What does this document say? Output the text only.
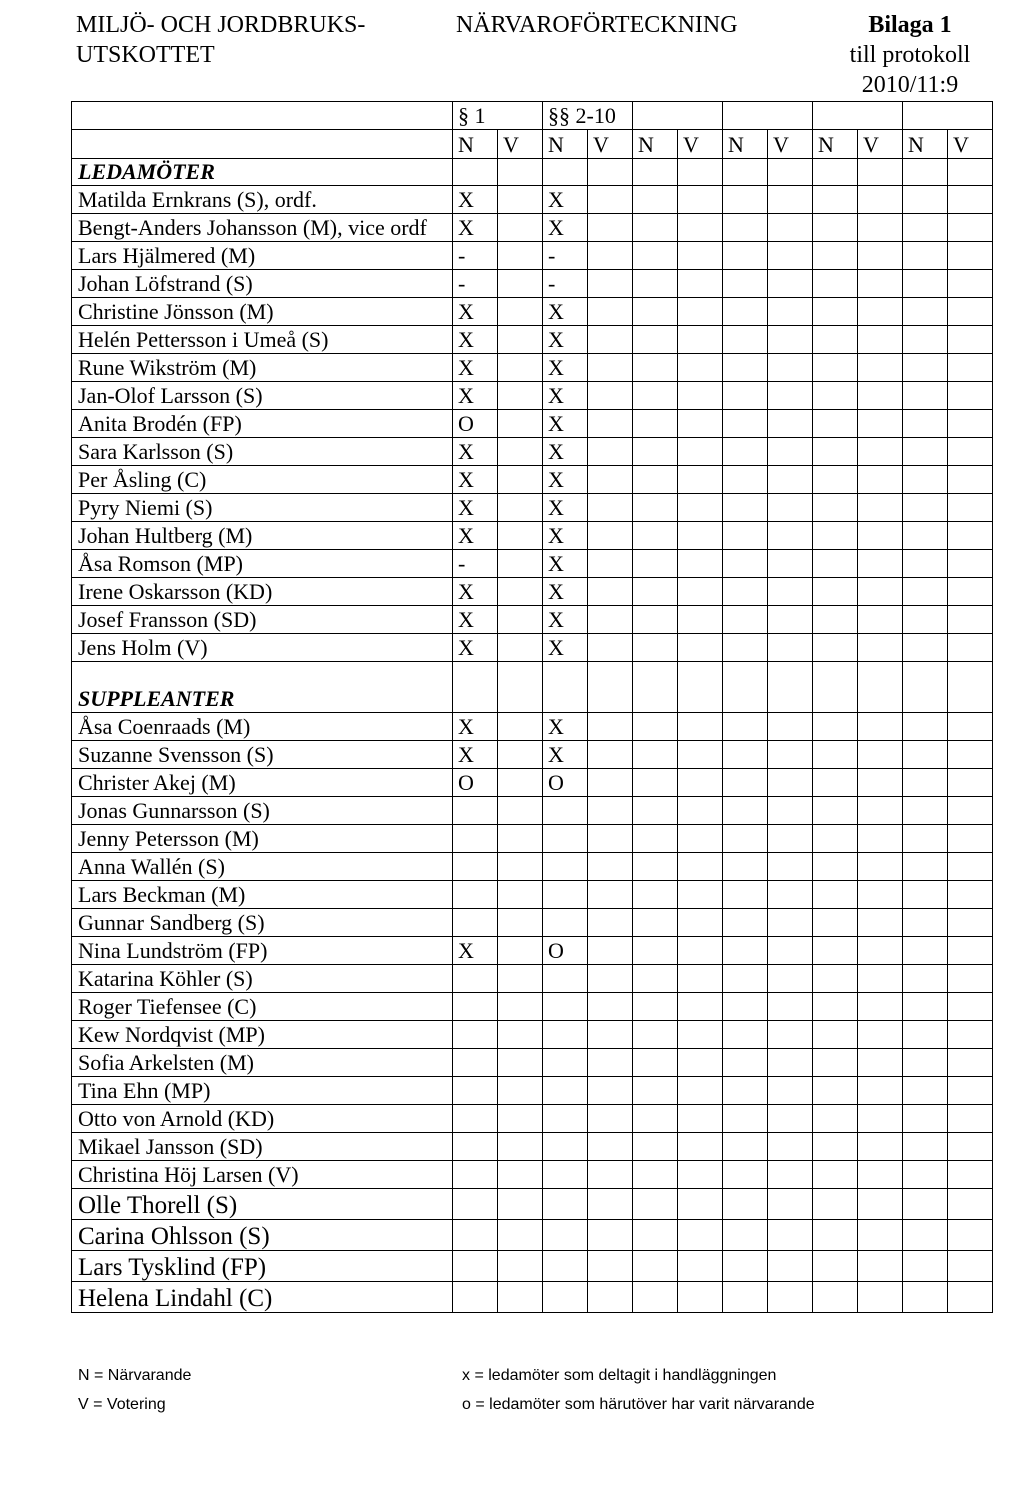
MILJÖ- OCH JORDBRUKS-
UTSKOTTET
NÄRVAROFÖRTECKNING	Bilaga 1
till protokoll
2010/11:9
	§ 1		§§ 2-10									
	N	V	N	V	N	V	N	V	N	V	N	V
LEDAMÖTER												
Matilda Ernkrans (S), ordf.	X		X									
Bengt-Anders Johansson (M), vice ordf	X		X									
Lars Hjälmered (M)	-		-									
Johan Löfstrand (S)	-		-									
Christine Jönsson (M)	X		X									
Helén Pettersson i Umeå (S)	X		X									
Rune Wikström (M)	X		X									
Jan-Olof Larsson (S)	X		X									
Anita Brodén (FP)	O		X									
Sara Karlsson (S)	X		X									
Per Åsling (C)	X		X									
Pyry Niemi (S)	X		X									
Johan Hultberg (M)	X		X									
Åsa Romson (MP)	-		X									
Irene Oskarsson (KD)	X		X									
Josef Fransson (SD)	X		X									
Jens Holm (V)	X		X									
SUPPLEANTER												
Åsa Coenraads (M)	X		X									
Suzanne Svensson (S)	X		X									
Christer Akej (M)	O		O									
Jonas Gunnarsson (S)												
Jenny Petersson (M)												
Anna Wallén (S)												
Lars Beckman (M)												
Gunnar Sandberg (S)												
Nina Lundström (FP)	X		O									
Katarina Köhler (S)												
Roger Tiefensee (C)												
Kew Nordqvist (MP)												
Sofia Arkelsten (M)												
Tina Ehn (MP)												
Otto von Arnold (KD)												
Mikael Jansson (SD)												
Christina Höj Larsen (V)												
Olle Thorell (S)												
Carina Ohlsson (S)												
Lars Tysklind (FP)												
Helena Lindahl (C)												
N = Närvarande
V = Votering
x = ledamöter som deltagit i handläggningen
o = ledamöter som härutöver har varit närvarande
